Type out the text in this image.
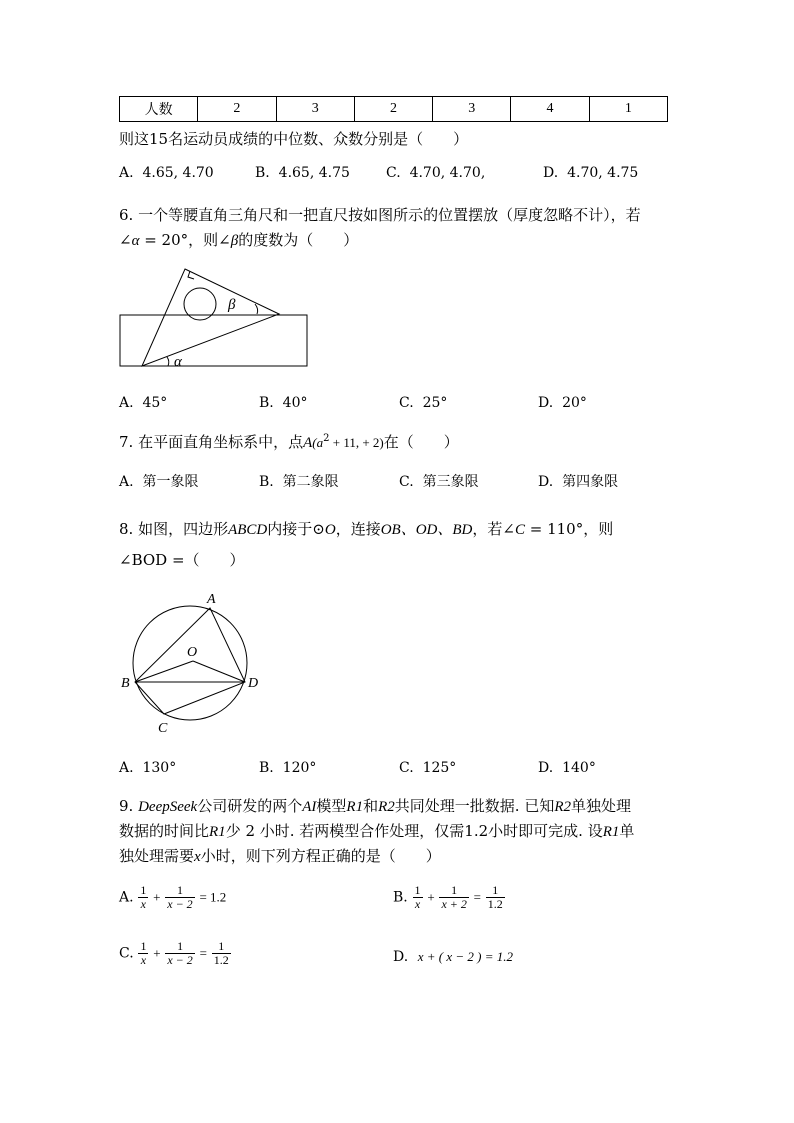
人数	2	3	2	3	4	1
则这15名运动员成绩的中位数、众数分别是（　　）
A. 4.65, 4.70	B. 4.65, 4.75	C. 4.70, 4.70,	D. 4.70, 4.75
6. 一个等腰直角三角尺和一把直尺按如图所示的位置摆放（厚度忽略不计），若
∠α = 20°，则∠β的度数为（　　）
β
α
A. 45°	B. 40°	C. 25°	D. 20°
7. 在平面直角坐标系中，点$A(a^2 + 11$, + 2)在（　　）
A. 第一象限	B. 第二象限	C. 第三象限	D. 第四象限
8. 如图，四边形ABCD内接于⊙O，连接OB、OD、BD，若∠C = 110°，则
∠BOD =（　　）
A
B
C
D
O
A. 130°	B. 120°	C. 125°	D. 140°
9. DeepSeek公司研发的两个AI模型R1和R2共同处理一批数据. 已知R2单独处理
数据的时间比R1少 2 小时. 若两模型合作处理，仅需1.2小时即可完成. 设R1单
独处理需要x小时，则下列方程正确的是（　　）
A. $\frac{1}{x} + \frac{1}{x - 2} = 1.2$	B. $\frac{1}{x} + \frac{1}{x + 2} = \frac{1}{1.2}$
C. $\frac{1}{x} + \frac{1}{x - 2} = \frac{1}{1.2}$	D. x + ( x − 2 ) = 1.2
